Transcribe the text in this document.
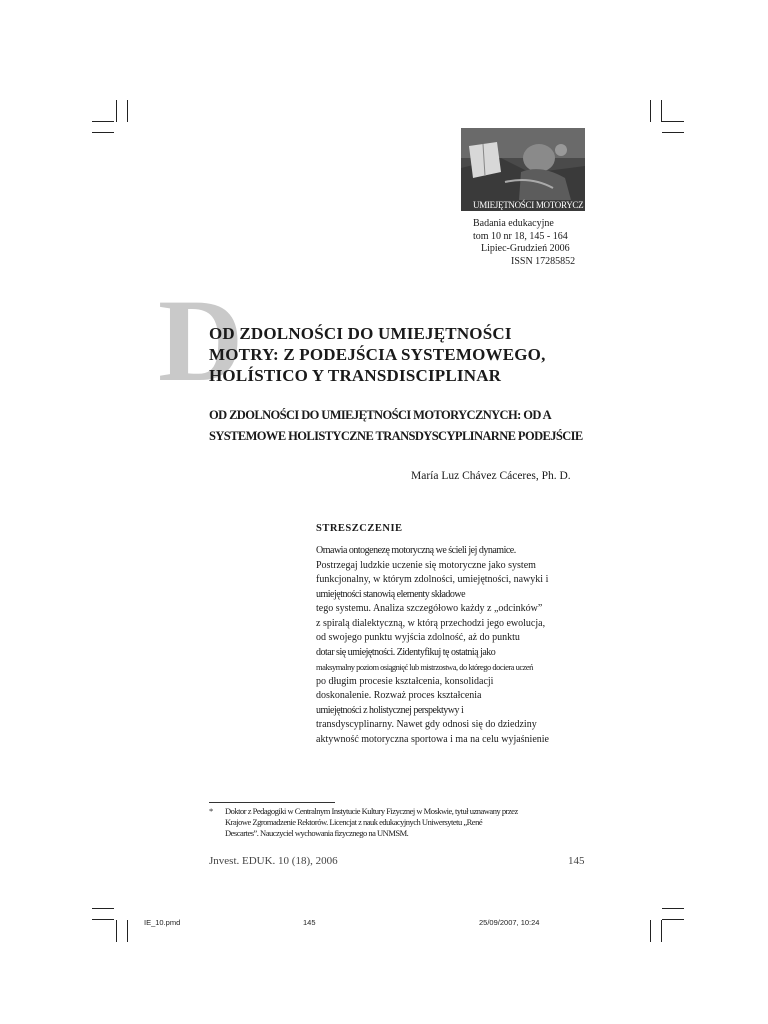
UMIEJĘTNOŚCI MOTORYCZ
Badania edukacyjne
tom 10 nr 18, 145 - 164
Lipiec-Grudzień 2006
ISSN 17285852
D
OD ZDOLNOŚCI DO UMIEJĘTNOŚCI
MOTRY: Z PODEJŚCIA SYSTEMOWEGO,
HOLÍSTICO Y TRANSDISCIPLINAR
OD ZDOLNOŚCI DO UMIEJĘTNOŚCI MOTORYCZNYCH: OD A
SYSTEMOWE HOLISTYCZNE TRANSDYSCYPLINARNE PODEJŚCIE
María Luz Chávez Cáceres, Ph. D.
STRESZCZENIE
Omawia ontogenezę motoryczną we ścieli jej dynamice.
Postrzegaj ludzkie uczenie się motoryczne jako system
funkcjonalny, w którym zdolności, umiejętności, nawyki i
umiejętności stanowią elementy składowe
tego systemu. Analiza szczegółowo każdy z „odcinków”
z spiralą dialektyczną, w którą przechodzi jego ewolucja,
od swojego punktu wyjścia zdolność, aż do punktu
dotar się umiejętności. Zidentyfikuj tę ostatnią jako
maksymalny poziom osiągnięć lub mistrzostwa, do którego dociera uczeń
po długim procesie kształcenia, konsolidacji
doskonalenie. Rozważ proces kształcenia
umiejętności z holistycznej perspektywy i
transdyscyplinarny. Nawet gdy odnosi się do dziedziny
aktywność motoryczna sportowa i ma na celu wyjaśnienie
* Doktor z Pedagogiki w Centralnym Instytucie Kultury Fizycznej w Moskwie, tytuł uznawany przez
Krajowe Zgromadzenie Rektorów. Licencjat z nauk edukacyjnych Uniwersytetu „René
Descartes”. Nauczyciel wychowania fizycznego na UNMSM.
Jnvest. EDUK. 10 (18), 2006	145
IE_10.pmd	145	25/09/2007, 10:24
